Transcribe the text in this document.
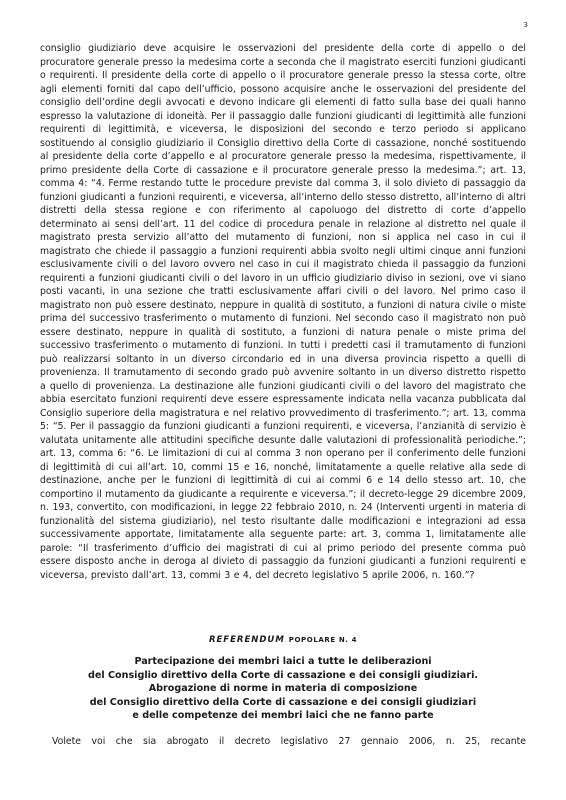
3
consiglio giudiziario deve acquisire le osservazioni del presidente della corte di appello o del procuratore generale presso la medesima corte a seconda che il magistrato eserciti funzioni giudicanti o requirenti. Il presidente della corte di appello o il procuratore generale presso la stessa corte, oltre agli elementi forniti dal capo dell’ufficio, possono acquisire anche le osservazioni del presidente del consiglio dell’ordine degli avvocati e devono indicare gli elementi di fatto sulla base dei quali hanno espresso la valutazione di idoneità. Per il passaggio dalle funzioni giudicanti di legittimità alle funzioni requirenti di legittimità, e viceversa, le disposizioni del secondo e terzo periodo si applicano sostituendo al consiglio giudiziario il Consiglio direttivo della Corte di cassazione, nonché sostituendo al presidente della corte d’appello e al procuratore generale presso la medesima, rispettivamente, il primo presidente della Corte di cassazione e il procuratore generale presso la medesima.”; art. 13, comma 4: “4. Ferme restando tutte le procedure previste dal comma 3, il solo divieto di passaggio da funzioni giudicanti a funzioni requirenti, e viceversa, all’interno dello stesso distretto, all’interno di altri distretti della stessa regione e con riferimento al capoluogo del distretto di corte d’appello determinato ai sensi dell’art. 11 del codice di procedura penale in relazione al distretto nel quale il magistrato presta servizio all’atto del mutamento di funzioni, non si applica nel caso in cui il magistrato che chiede il passaggio a funzioni requirenti abbia svolto negli ultimi cinque anni funzioni esclusivamente civili o del lavoro ovvero nel caso in cui il magistrato chieda il passaggio da funzioni requirenti a funzioni giudicanti civili o del lavoro in un ufficio giudiziario diviso in sezioni, ove vi siano posti vacanti, in una sezione che tratti esclusivamente affari civili o del lavoro. Nel primo caso il magistrato non può essere destinato, neppure in qualità di sostituto, a funzioni di natura civile o miste prima del successivo trasferimento o mutamento di funzioni. Nel secondo caso il magistrato non può essere destinato, neppure in qualità di sostituto, a funzioni di natura penale o miste prima del successivo trasferimento o mutamento di funzioni. In tutti i predetti casi il tramutamento di funzioni può realizzarsi soltanto in un diverso circondario ed in una diversa provincia rispetto a quelli di provenienza. Il tramutamento di secondo grado può avvenire soltanto in un diverso distretto rispetto a quello di provenienza. La destinazione alle funzioni giudicanti civili o del lavoro del magistrato che abbia esercitato funzioni requirenti deve essere espressamente indicata nella vacanza pubblicata dal Consiglio superiore della magistratura e nel relativo provvedimento di trasferimento.”; art. 13, comma 5: “5. Per il passaggio da funzioni giudicanti a funzioni requirenti, e viceversa, l’anzianità di servizio è valutata unitamente alle attitudini specifiche desunte dalle valutazioni di professionalità periodiche.”; art. 13, comma 6: “6. Le limitazioni di cui al comma 3 non operano per il conferimento delle funzioni di legittimità di cui all’art. 10, commi 15 e 16, nonché, limitatamente a quelle relative alla sede di destinazione, anche per le funzioni di legittimità di cui ai commi 6 e 14 dello stesso art. 10, che comportino il mutamento da giudicante a requirente e viceversa.”; il decreto-legge 29 dicembre 2009, n. 193, convertito, con modificazioni, in legge 22 febbraio 2010, n. 24 (Interventi urgenti in materia di funzionalità del sistema giudiziario), nel testo risultante dalle modificazioni e integrazioni ad essa successivamente apportate, limitatamente alla seguente parte: art. 3, comma 1, limitatamente alle parole: “Il trasferimento d’ufficio dei magistrati di cui al primo periodo del presente comma può essere disposto anche in deroga al divieto di passaggio da funzioni giudicanti a funzioni requirenti e viceversa, previsto dall’art. 13, commi 3 e 4, del decreto legislativo 5 aprile 2006, n. 160.”?
REFERENDUM POPOLARE N. 4
Partecipazione dei membri laici a tutte le deliberazioni
del Consiglio direttivo della Corte di cassazione e dei consigli giudiziari.
Abrogazione di norme in materia di composizione
del Consiglio direttivo della Corte di cassazione e dei consigli giudiziari
e delle competenze dei membri laici che ne fanno parte
Volete voi che sia abrogato il decreto legislativo 27 gennaio 2006, n. 25, recante
